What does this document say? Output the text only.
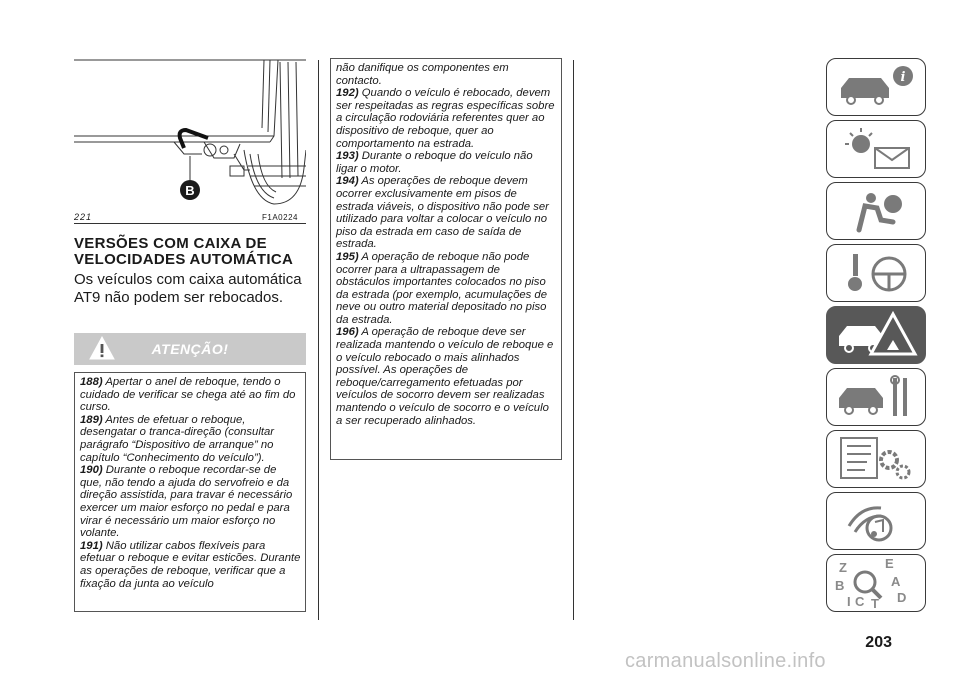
B
221	F1A0224
VERSÕES COM CAIXA DE VELOCIDADES AUTOMÁTICA
Os veículos com caixa automática AT9 não podem ser rebocados.
ATENÇÃO!

188) Apertar o anel de reboque, tendo o cuidado de verificar se chega até ao fim do curso.

189) Antes de efetuar o reboque, desengatar o tranca-direção (consultar parágrafo “Dispositivo de arranque” no capítulo “Conhecimento do veículo”).

190) Durante o reboque recordar-se de que, não tendo a ajuda do servofreio e da direção assistida, para travar é necessário exercer um maior esforço no pedal e para virar é necessário um maior esforço no volante.

191) Não utilizar cabos flexíveis para efetuar o reboque e evitar esticões. Durante as operações de reboque, verificar que a fixação da junta ao veículo

não danifique os componentes em contacto.

192) Quando o veículo é rebocado, devem ser respeitadas as regras específicas sobre a circulação rodoviária referentes quer ao dispositivo de reboque, quer ao comportamento na estrada.

193) Durante o reboque do veículo não ligar o motor.

194) As operações de reboque devem ocorrer exclusivamente em pisos de estrada viáveis, o dispositivo não pode ser utilizado para voltar a colocar o veículo no piso da estrada em caso de saída de estrada.

195) A operação de reboque não pode ocorrer para a ultrapassagem de obstáculos importantes colocados no piso da estrada (por exemplo, acumulações de neve ou outro material depositado no piso da estrada.

196) A operação de reboque deve ser realizada mantendo o veículo de reboque e o veículo rebocado o mais alinhados possível. As operações de reboque/carregamento efetuadas por veículos de socorro devem ser realizadas mantendo o veículo de socorro e o veículo a ser recuperado alinhados.

i
Z	E
B	A
D
C T
I
203
carmanualsonline.info
